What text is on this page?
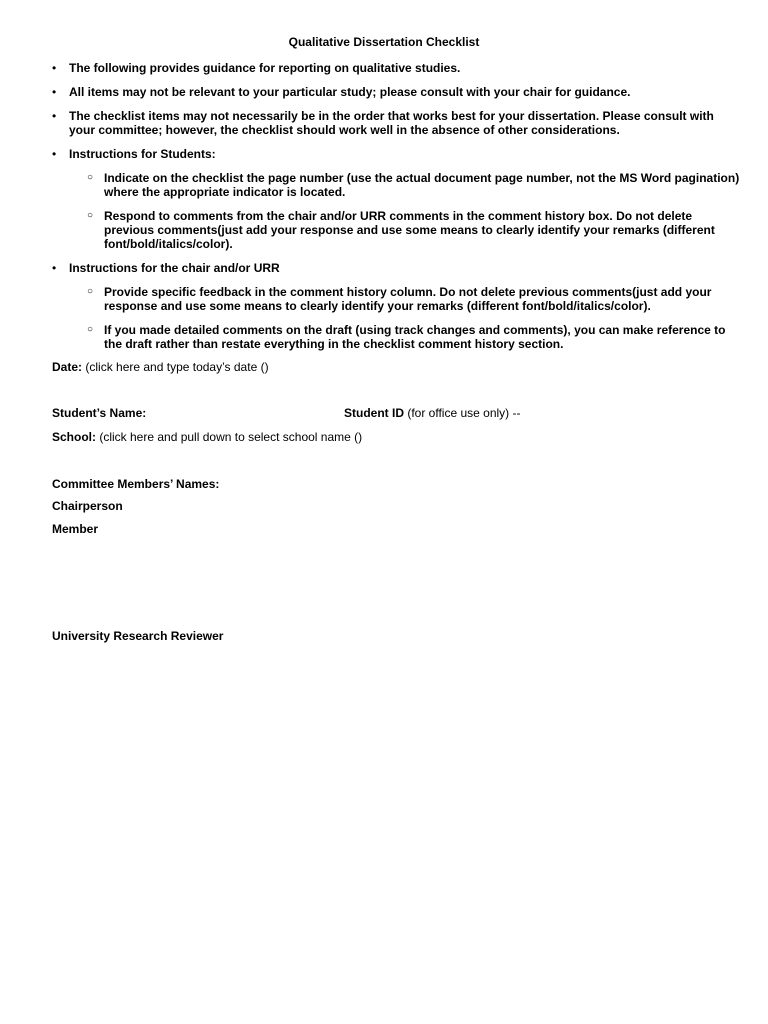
Qualitative Dissertation Checklist
• The following provides guidance for reporting on qualitative studies.
• All items may not be relevant to your particular study; please consult with your chair for guidance.
• The checklist items may not necessarily be in the order that works best for your dissertation. Please consult with your committee; however, the checklist should work well in the absence of other considerations.
• Instructions for Students:
○ Indicate on the checklist the page number (use the actual document page number, not the MS Word pagination) where the appropriate indicator is located.
○ Respond to comments from the chair and/or URR comments in the comment history box. Do not delete previous comments(just add your response and use some means to clearly identify your remarks (different font/bold/italics/color).
• Instructions for the chair and/or URR
○ Provide specific feedback in the comment history column. Do not delete previous comments(just add your response and use some means to clearly identify your remarks (different font/bold/italics/color).
○ If you made detailed comments on the draft (using track changes and comments), you can make reference to the draft rather than restate everything in the checklist comment history section.
Date: (click here and type today’s date ()
Student’s Name:	Student ID (for office use only) --
School: (click here and pull down to select school name ()
Committee Members’ Names:
Chairperson
Member
University Research Reviewer
